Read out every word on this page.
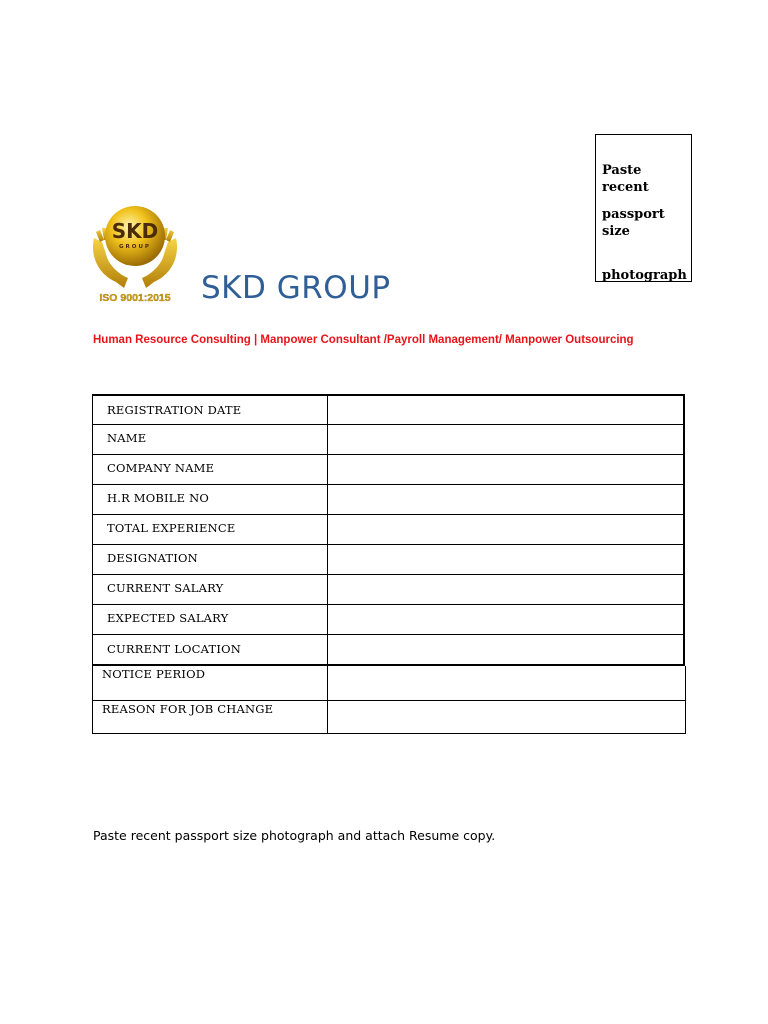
Paste recent
passport
size
photograph
SKD
GROUP
ISO 9001:2015 SKD GROUP
Human Resource Consulting | Manpower Consultant /Payroll Management/ Manpower Outsourcing
REGISTRATION DATE
NAME
COMPANY NAME
H.R MOBILE NO
TOTAL EXPERIENCE
DESIGNATION
CURRENT SALARY
EXPECTED SALARY
CURRENT LOCATION
NOTICE PERIOD
REASON FOR JOB CHANGE
Paste recent passport size photograph and attach Resume copy.
